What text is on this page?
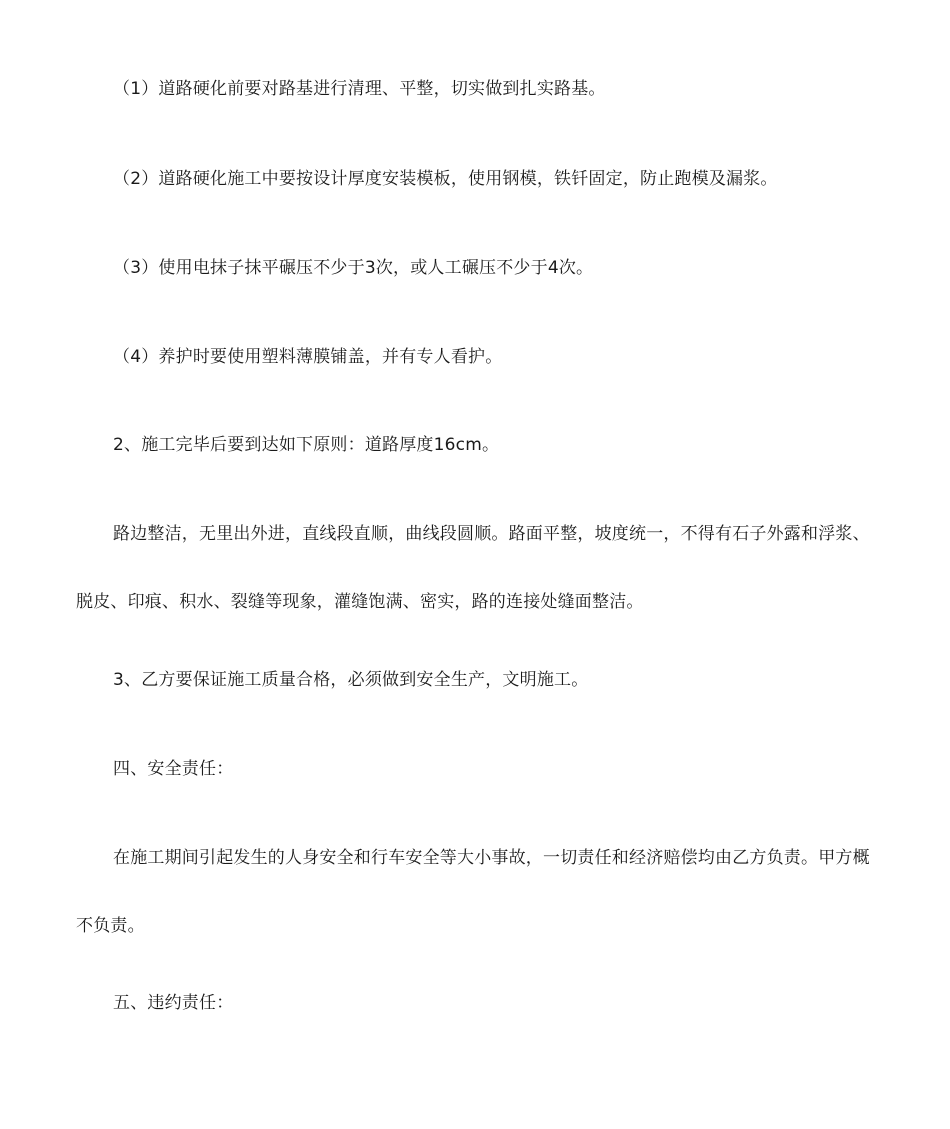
（1）道路硬化前要对路基进行清理、平整，切实做到扎实路基。

（2）道路硬化施工中要按设计厚度安装模板，使用钢模，铁钎固定，防止跑模及漏浆。

（3）使用电抹子抹平碾压不少于3次，或人工碾压不少于4次。

（4）养护时要使用塑料薄膜铺盖，并有专人看护。

2、施工完毕后要到达如下原则：道路厚度16cm。

路边整洁，无里出外进，直线段直顺，曲线段圆顺。路面平整，坡度统一，不得有石子外露和浮浆、脱皮、印痕、积水、裂缝等现象，灌缝饱满、密实，路的连接处缝面整洁。

3、乙方要保证施工质量合格，必须做到安全生产，文明施工。

四、安全责任：

在施工期间引起发生的人身安全和行车安全等大小事故，一切责任和经济赔偿均由乙方负责。甲方概不负责。

五、违约责任：
